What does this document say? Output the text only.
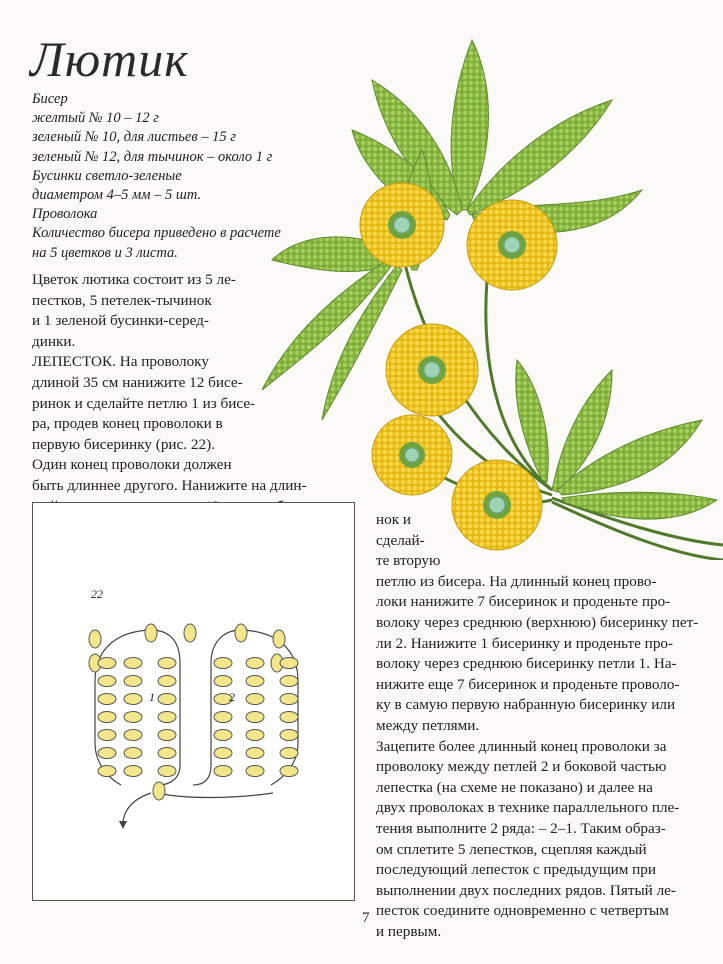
Лютик
Бисер
желтый № 10 – 12 г
зеленый № 10, для листьев – 15 г
зеленый № 12, для тычинок – около 1 г
Бусинки светло-зеленые
диаметром 4–5 мм – 5 шт.
Проволока
Количество бисера приведено в расчете
на 5 цветков и 3 листа.
Цветок лютика состоит из 5 ле-
пестков, 5 петелек-тычинок
и 1 зеленой бусинки-серед-
динки.
ЛЕПЕСТОК. На проволоку
длиной 35 см нанижите 12 бисе-
ринок и сделайте петлю 1 из бисе-
ра, продев конец проволоки в
первую бисеринку (рис. 22).
Один конец проволоки должен
быть длиннее другого. Нанижите на длин-
нок и
сделай-
те вторую
петлю из бисера. На длинный конец прово-
локи нанижите 7 бисеринок и проденьте про-
волоку через среднюю (верхнюю) бисеринку пет-
ли 2. Нанижите 1 бисеринку и проденьте про-
волоку через среднюю бисеринку петли 1. На-
нижите еще 7 бисеринок и проденьте проволо-
ку в самую первую набранную бисеринку или
между петлями.
Зацепите более длинный конец проволоки за
проволоку между петлей 2 и боковой частью
лепестка (на схеме не показано) и далее на
двух проволоках в технике параллельного пле-
тения выполните 2 ряда: – 2–1. Таким образ-
ом сплетите 5 лепестков, сцепляя каждый
последующий лепесток с предыдущим при
выполнении двух последних рядов. Пятый ле-
песток соедините одновременно с четвертым
и первым.
22
1	2
7
